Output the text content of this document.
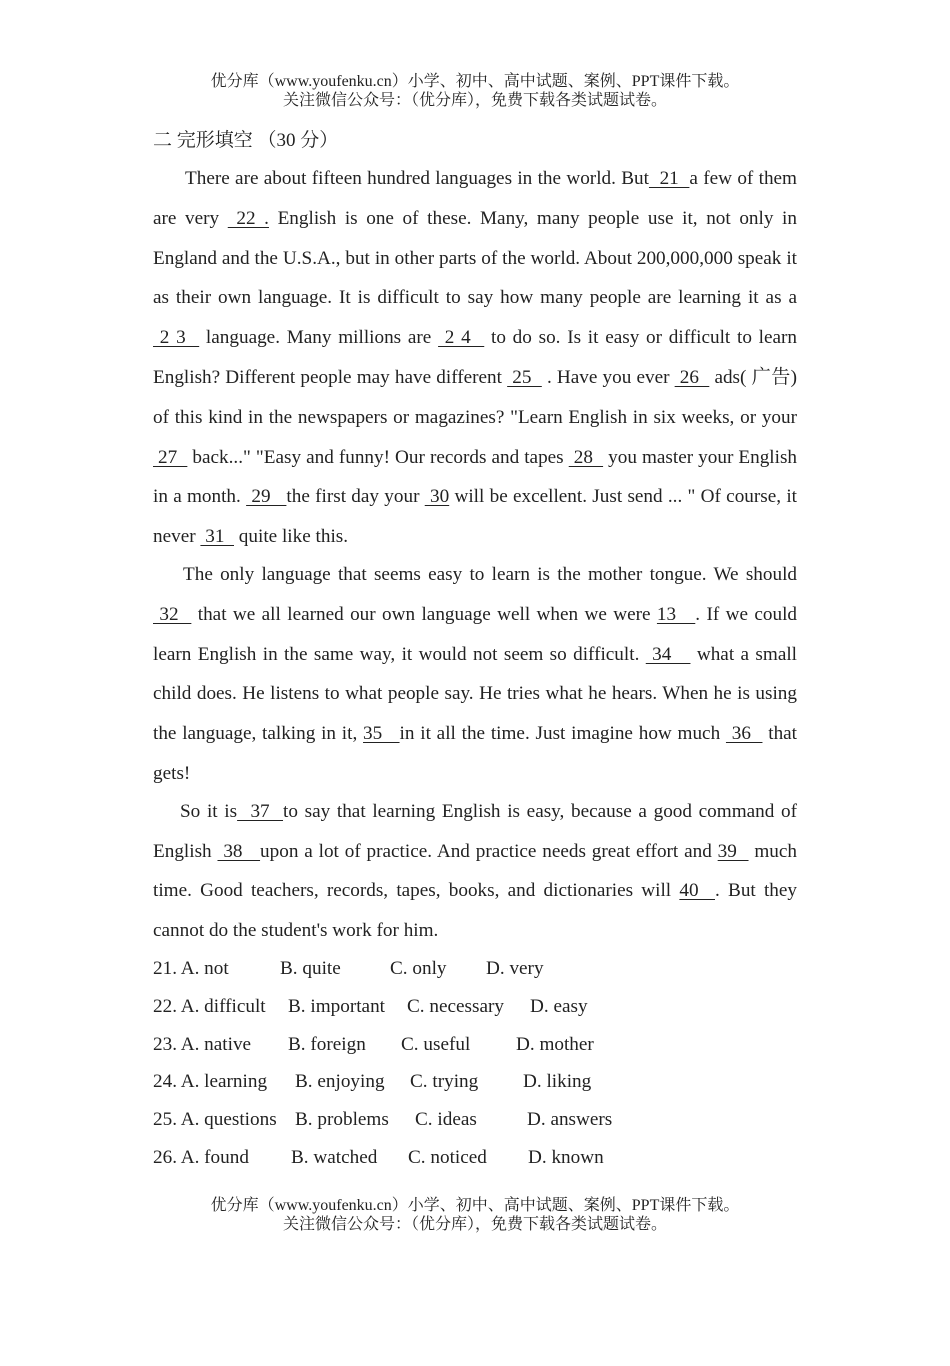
优分库（www.youfenku.cn）小学、初中、高中试题、案例、PPT课件下载。
关注微信公众号：（优分库），免费下载各类试题试卷。
二 完形填空 （30 分）

There are about fifteen hundred languages in the world. But  21  a few of them are very  22 . English is one of these. Many, many people use it, not only in England and the U.S.A., but in other parts of the world. About 200,000,000 speak it as their own language. It is difficult to say how many people are learning it as a  2 3   language. Many millions are  2 4   to do so. Is it easy or difficult to learn English? Different people may have different  25   . Have you ever  26   ads( 广告) of this kind in the newspapers or magazines? "Learn English in six weeks, or your  27   back..." "Easy and funny! Our records and tapes  28   you master your English in a month.  29   the first day your  30 will be excellent. Just send ... " Of course, it never  31   quite like this.

The only language that seems easy to learn is the mother tongue. We should  32   that we all learned our own language well when we were 13   . If we could learn English in the same way, it would not seem so difficult.  34    what a small child does. He listens to what people say. He tries what he hears. When he is using the language, talking in it, 35   in it all the time. Just imagine how much  36   that gets!

So it is  37  to say that learning English is easy, because a good command of English  38   upon a lot of practice. And practice needs great effort and 39   much time. Good teachers, records, tapes, books, and dictionaries will 40  . But they cannot do the student's work for him.

21. A. not

	B. quite

	C. only

D. very

22. A. difficult

B. important

C. necessary

D. easy

23. A. native

B. foreign

C. useful

D. mother

24. A. learning

B. enjoying

C. trying

D. liking

25. A. questions

B. problems

C. ideas

	D. answers

26. A. found

B. watched

C. noticed

D. known

优分库（www.youfenku.cn）小学、初中、高中试题、案例、PPT课件下载。
关注微信公众号：（优分库），免费下载各类试题试卷。
